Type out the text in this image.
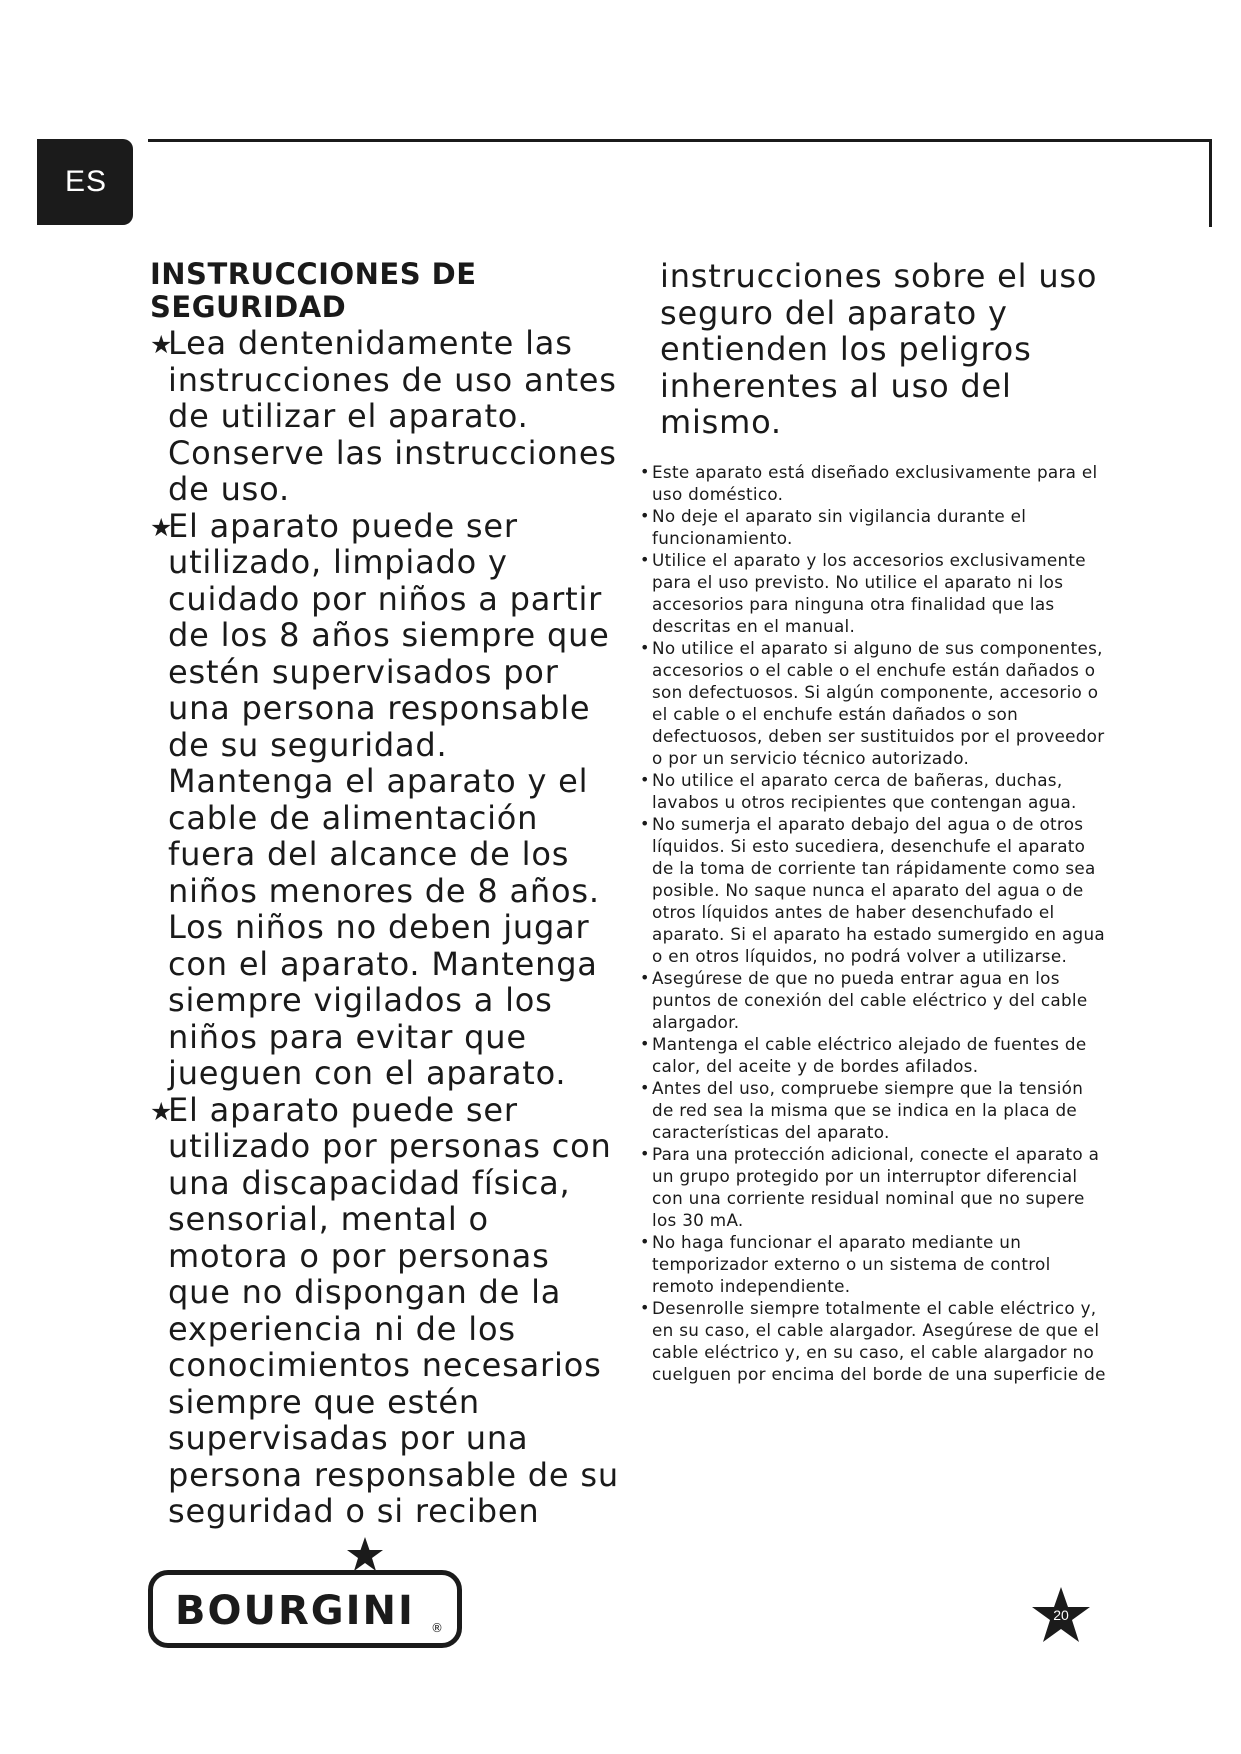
ES
INSTRUCCIONES DE SEGURIDAD

★
Lea dentenidamente las instrucciones de uso antes de utilizar el aparato. Conserve las instrucciones de uso.

★
El aparato puede ser utilizado, limpiado y cuidado por niños a partir de los 8 años siempre que estén supervisados por una persona responsable de su seguridad. Mantenga el aparato y el cable de alimentación fuera del alcance de los niños menores de 8 años. Los niños no deben jugar con el aparato. Mantenga siempre vigilados a los niños para evitar que jueguen con el aparato.

★
El aparato puede ser utilizado por personas con una discapacidad física, sensorial, mental o motora o por personas que no dispongan de la experiencia ni de los conocimientos necesarios siempre que estén supervisadas por una persona responsable de su seguridad o si reciben

instrucciones sobre el uso seguro del aparato y entienden los peligros inherentes al uso del mismo.

• Este aparato está diseñado exclusivamente para el uso doméstico.
• No deje el aparato sin vigilancia durante el funcionamiento.
• Utilice el aparato y los accesorios exclusivamente para el uso previsto. No utilice el aparato ni los accesorios para ninguna otra finalidad que las descritas en el manual.
• No utilice el aparato si alguno de sus componentes, accesorios o el cable o el enchufe están dañados o son defectuosos. Si algún componente, accesorio o el cable o el enchufe están dañados o son defectuosos, deben ser sustituidos por el proveedor o por un servicio técnico autorizado.
• No utilice el aparato cerca de bañeras, duchas, lavabos u otros recipientes que contengan agua.
• No sumerja el aparato debajo del agua o de otros líquidos. Si esto sucediera, desenchufe el aparato de la toma de corriente tan rápidamente como sea posible. No saque nunca el aparato del agua o de otros líquidos antes de haber desenchufado el aparato. Si el aparato ha estado sumergido en agua o en otros líquidos, no podrá volver a utilizarse.
• Asegúrese de que no pueda entrar agua en los puntos de conexión del cable eléctrico y del cable alargador.
• Mantenga el cable eléctrico alejado de fuentes de calor, del aceite y de bordes afilados.
• Antes del uso, compruebe siempre que la tensión de red sea la misma que se indica en la placa de características del aparato.
• Para una protección adicional, conecte el aparato a un grupo protegido por un interruptor diferencial con una corriente residual nominal que no supere los 30 mA.
• No haga funcionar el aparato mediante un temporizador externo o un sistema de control remoto independiente.
• Desenrolle siempre totalmente el cable eléctrico y, en su caso, el cable alargador. Asegúrese de que el cable eléctrico y, en su caso, el cable alargador no cuelguen por encima del borde de una superficie de
BOURGINI ®
20
